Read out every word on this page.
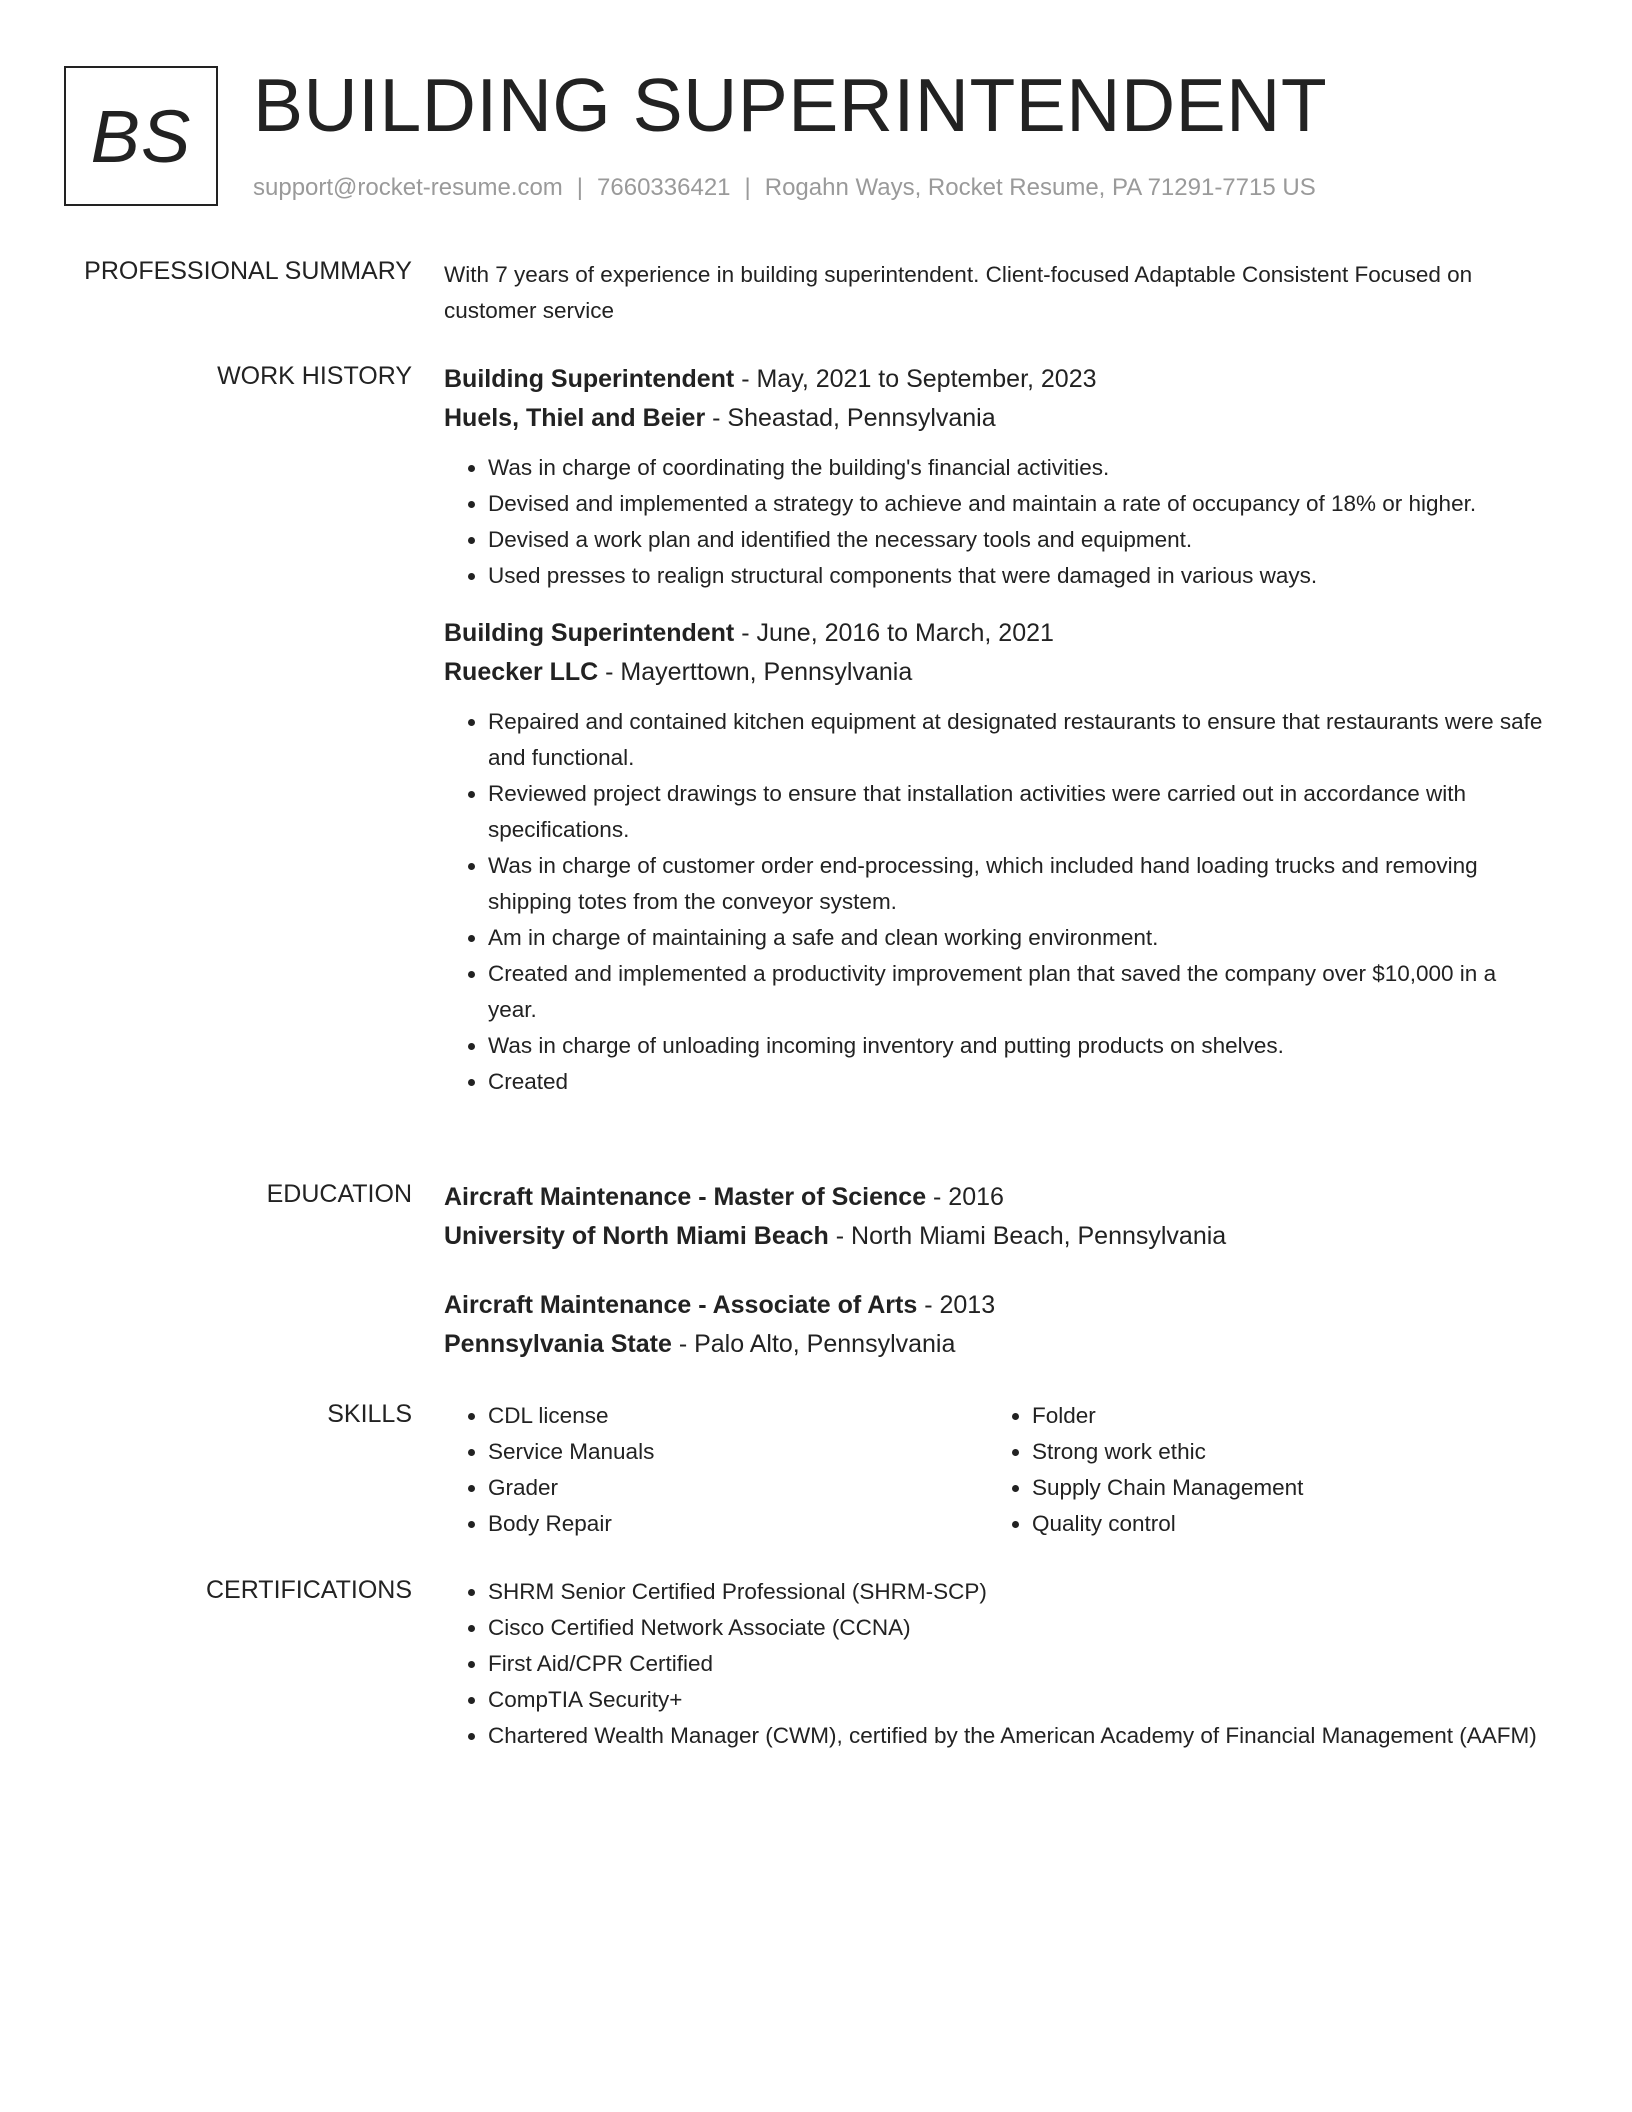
BS BUILDING SUPERINTENDENT
support@rocket-resume.com | 7660336421 | Rogahn Ways, Rocket Resume, PA 71291-7715 US
PROFESSIONAL SUMMARY With 7 years of experience in building superintendent. Client-focused Adaptable Consistent Focused on customer service
WORK HISTORY Building Superintendent - May, 2021 to September, 2023
Huels, Thiel and Beier - Sheastad, Pennsylvania
• Was in charge of coordinating the building's financial activities.
• Devised and implemented a strategy to achieve and maintain a rate of occupancy of 18% or higher.
• Devised a work plan and identified the necessary tools and equipment.
• Used presses to realign structural components that were damaged in various ways.
Building Superintendent - June, 2016 to March, 2021
Ruecker LLC - Mayerttown, Pennsylvania
• Repaired and contained kitchen equipment at designated restaurants to ensure that restaurants were safe and functional.
• Reviewed project drawings to ensure that installation activities were carried out in accordance with specifications.
• Was in charge of customer order end-processing, which included hand loading trucks and removing shipping totes from the conveyor system.
• Am in charge of maintaining a safe and clean working environment.
• Created and implemented a productivity improvement plan that saved the company over $10,000 in a year.
• Was in charge of unloading incoming inventory and putting products on shelves.
• Created
EDUCATION Aircraft Maintenance - Master of Science - 2016
University of North Miami Beach - North Miami Beach, Pennsylvania
Aircraft Maintenance - Associate of Arts - 2013
Pennsylvania State - Palo Alto, Pennsylvania
SKILLS	• CDL license
• Service Manuals
• Grader
• Body Repair
• Folder
• Strong work ethic
• Supply Chain Management
• Quality control
CERTIFICATIONS	• SHRM Senior Certified Professional (SHRM-SCP)
• Cisco Certified Network Associate (CCNA)
• First Aid/CPR Certified
• CompTIA Security+
• Chartered Wealth Manager (CWM), certified by the American Academy of Financial Management (AAFM)
